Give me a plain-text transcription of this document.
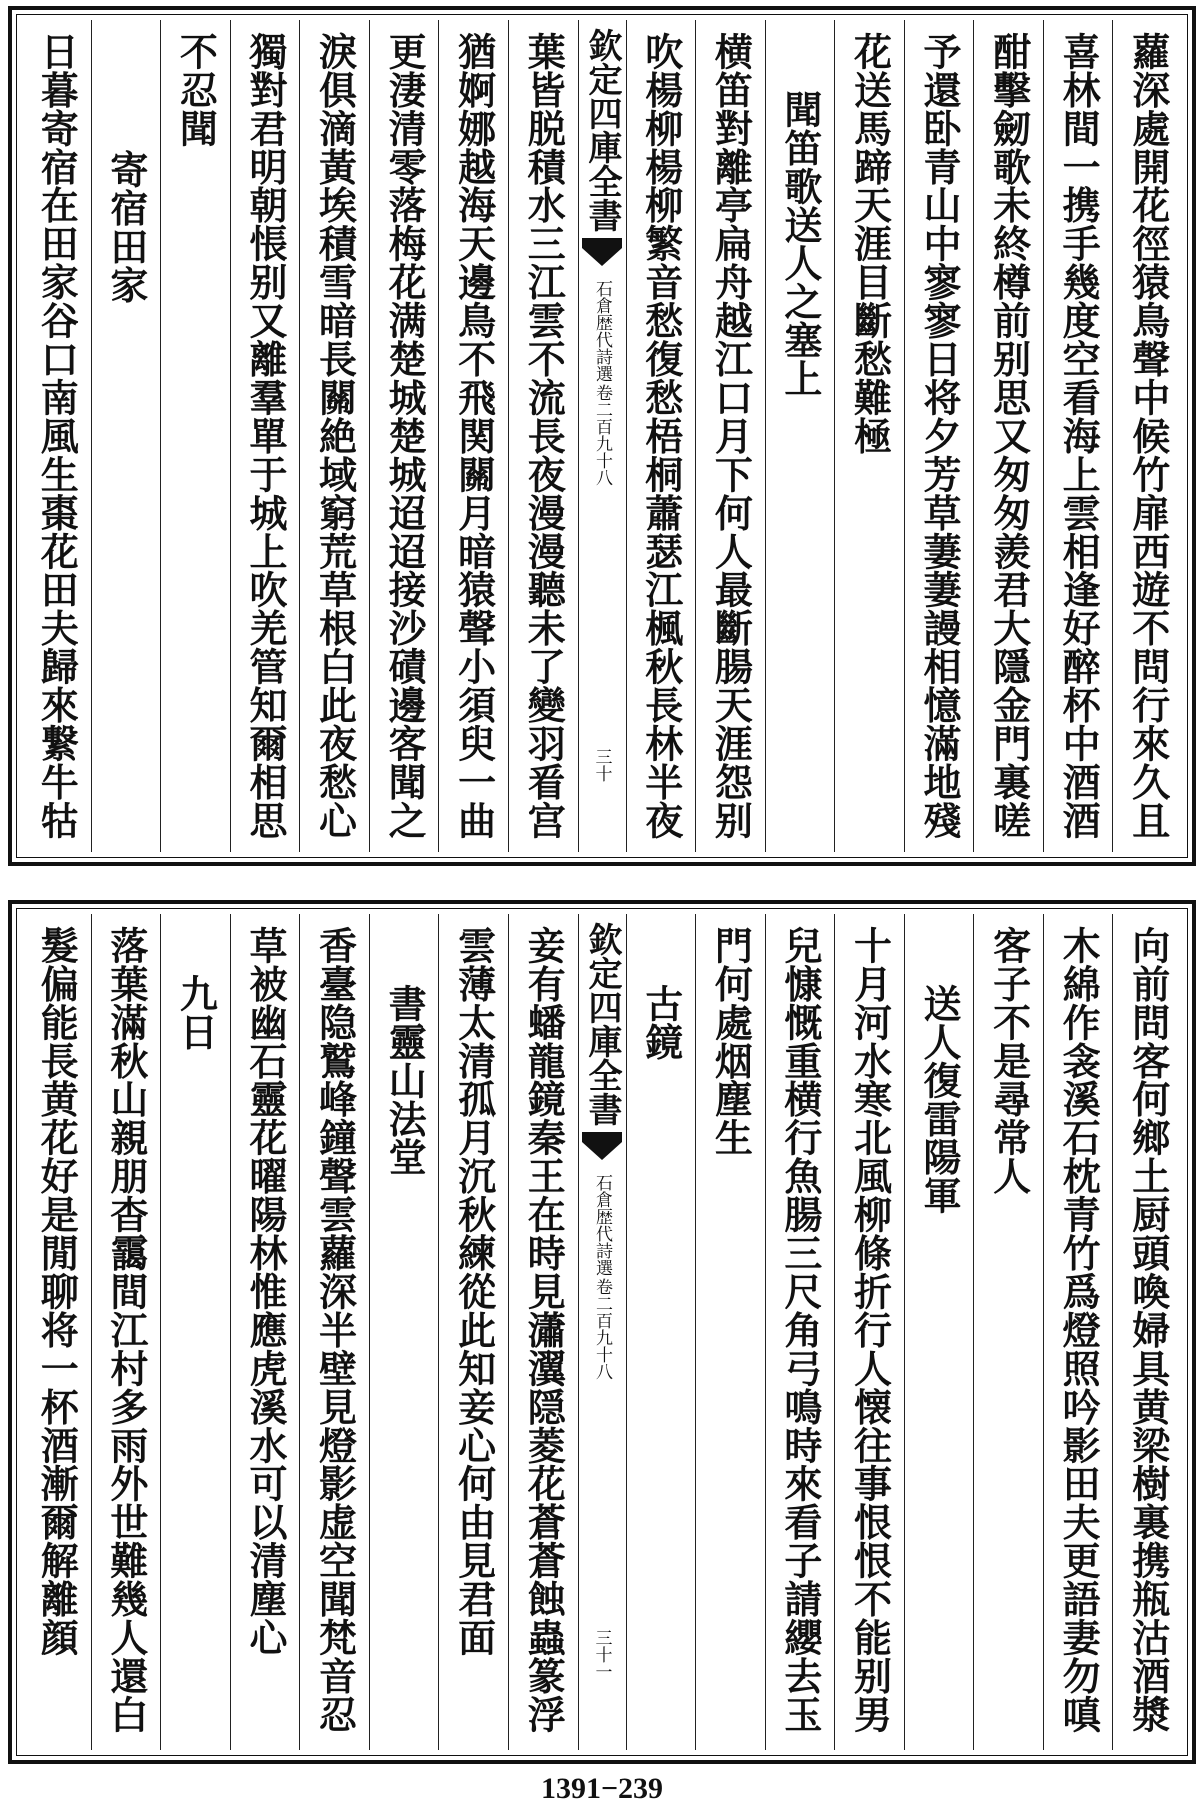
蘿深處開花徑猿鳥聲中候竹扉西遊不問行來久且
喜林間一携手幾度空看海上雲相逢好醉杯中酒酒
酣擊劒歌未終樽前别思又匆匆羨君大隱金門裏嗟
予還卧青山中寥寥日将夕芳草萋萋謾相憶滿地殘
花送馬蹄天涯目斷愁難極
聞笛歌送人之塞上
横笛對離亭扁舟越江口月下何人最斷腸天涯怨别
吹楊柳楊柳繁音愁復愁梧桐蕭瑟江楓秋長林半夜
欽定四庫全書
石倉歴代詩選
卷二百九十八
三十
葉皆脱積水三江雲不流長夜漫漫聽未了變羽㸔宫
猶婀娜越海天邊鳥不飛関關月暗猿聲小須臾一曲
更淒清零落梅花满楚城楚城迢迢接沙磧邊客聞之
淚俱滴黃埃積雪暗長關絶域窮荒草根白此夜愁心
獨對君明朝悵别又離羣單于城上吹羌管知爾相思
不忍聞
寄宿田家
日暮寄宿在田家谷口南風生棗花田夫歸來繋牛牯
向前問客何鄉土厨頭喚婦具黄梁樹裏携瓶沽酒漿
木綿作衾溪石枕青竹爲燈照吟影田夫更語妻勿嗔
客子不是尋常人
送人復雷陽軍
十月河水寒北風柳條折行人懐往事恨恨不能别男
兒慷慨重横行魚腸三尺角弓鳴時來看子請纓去玉
門何處烟塵生
古鏡
欽定四庫全書
石倉歴代詩選
卷二百九十八
三十一
妾有蟠龍鏡秦王在時見瀟瀷隠菱花蒼蒼蝕蟲篆浮
雲薄太清孤月沉秋練從此知妾心何由見君面
書靈山法堂
香臺隐鷲峰鐘聲雲蘿深半壁見燈影虚空聞梵音忍
草被幽石靈花曜陽林惟應虎溪水可以清塵心
九日
落葉滿秋山親朋杳靄間江村多雨外世難幾人還白
髮偏能長黄花好是閒聊将一杯酒漸爾解離顔
1391−239
